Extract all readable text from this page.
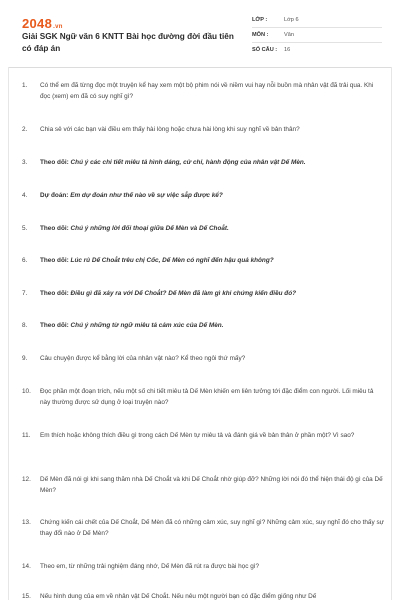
2048.vn
Giải SGK Ngữ văn 6 KNTT Bài học đường đời đầu tiên có đáp án
LỚP :	Lớp 6
MÔN :	Văn
SỐ CÂU : 16
1.	Có thể em đã từng đọc một truyện kể hay xem một bộ phim nói về niềm vui hay nỗi buồn mà nhân vật đã trải qua. Khi đọc (xem) em đã có suy nghĩ gì?
2.	Chia sẻ với các bạn vài điều em thấy hài lòng hoặc chưa hài lòng khi suy nghĩ về bản thân?
3.	Theo dõi: Chú ý các chi tiết miêu tả hình dáng, cử chỉ, hành động của nhân vật Dế Mèn.
4.	Dự đoán: Em dự đoán như thế nào về sự việc sắp được kể?
5.	Theo dõi: Chú ý những lời đối thoại giữa Dế Mèn và Dế Choắt.
6.	Theo dõi: Lúc rủ Dế Choắt trêu chị Cốc, Dế Mèn có nghĩ đến hậu quả không?
7.	Theo dõi: Điều gì đã xảy ra với Dế Choắt? Dế Mèn đã làm gì khi chứng kiến điều đó?
8.	Theo dõi: Chú ý những từ ngữ miêu tả cảm xúc của Dế Mèn.
9.	Câu chuyện được kể bằng lời của nhân vật nào? Kể theo ngôi thứ mấy?
10.	Đọc phần một đoạn trích, nếu một số chi tiết miêu tả Dế Mèn khiến em liên tưởng tới đặc điểm con người. Lối miêu tả này thường được sử dụng ở loại truyện nào?
11.	Em thích hoặc không thích điều gì trong cách Dế Mèn tự miêu tả và đánh giá về bản thân ở phần một? Vì sao?
12.	Dế Mèn đã nói gì khi sang thăm nhà Dế Choắt và khi Dế Choắt nhờ giúp đỡ? Những lời nói đó thể hiện thái độ gì của Dế Mèn?
13.	Chứng kiến cái chết của Dế Choắt, Dế Mèn đã có những cảm xúc, suy nghĩ gì? Những cảm xúc, suy nghĩ đó cho thấy sự thay đổi nào ở Dế Mèn?
14.	Theo em, từ những trải nghiệm đáng nhớ, Dế Mèn đã rút ra được bài học gì?
15.	Nếu hình dung của em về nhân vật Dế Choắt. Nếu nêu một người bạn có đặc điểm giống như Dế
